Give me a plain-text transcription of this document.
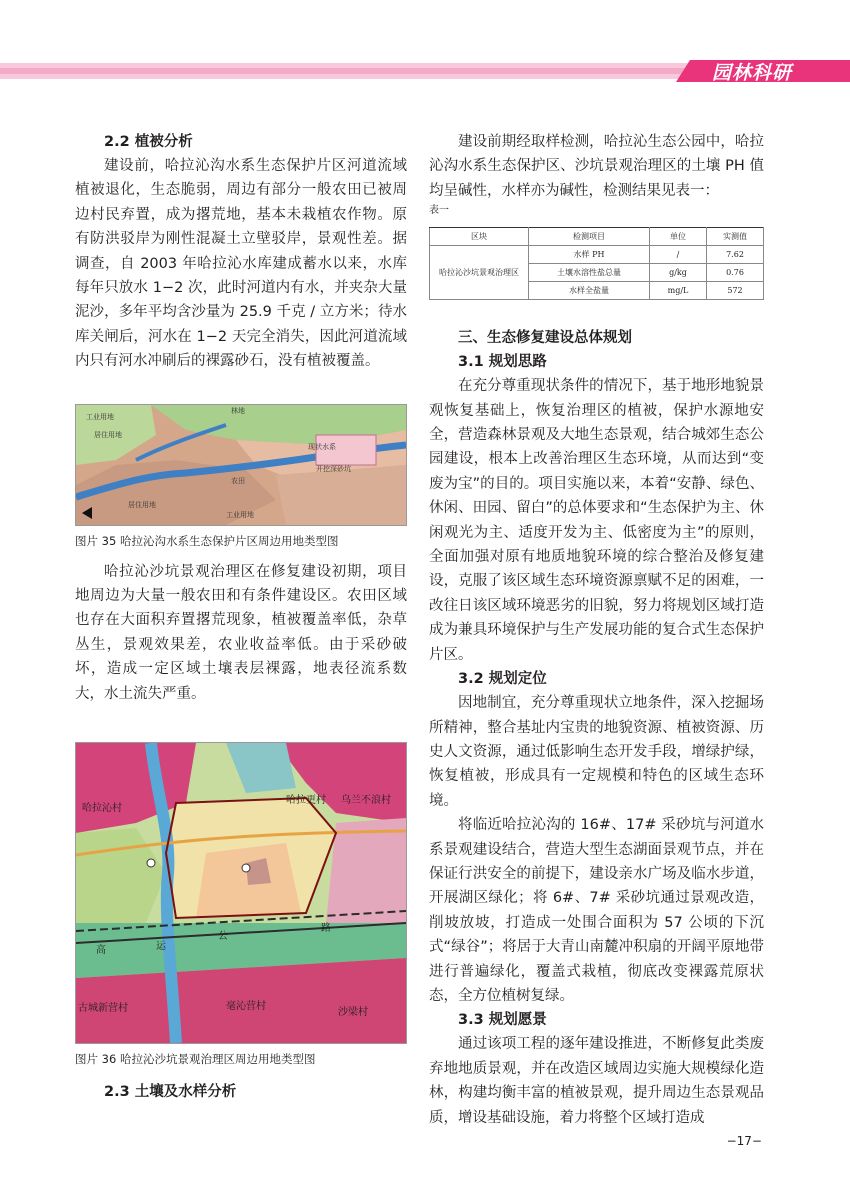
园林科研
2.2 植被分析

建设前，哈拉沁沟水系生态保护片区河道流域植被退化，生态脆弱，周边有部分一般农田已被周边村民弃置，成为撂荒地，基本未栽植农作物。原有防洪驳岸为刚性混凝土立壁驳岸，景观性差。据调查，自 2003 年哈拉沁水库建成蓄水以来，水库每年只放水 1−2 次，此时河道内有水，并夹杂大量泥沙，多年平均含沙量为 25.9 千克 / 立方米；待水库关闸后，河水在 1−2 天完全消失，因此河道流域内只有河水冲刷后的裸露砂石，没有植被覆盖。

工业用地
居住用地
林地
现状水系
开挖深砂坑
农田
居住用地
工业用地

图片 35 哈拉沁沟水系生态保护片区周边用地类型图

哈拉沁沙坑景观治理区在修复建设初期，项目地周边为大量一般农田和有条件建设区。农田区域也存在大面积弃置撂荒现象，植被覆盖率低，杂草丛生，景观效果差，农业收益率低。由于采砂破坏，造成一定区域土壤表层裸露，地表径流系数大，水土流失严重。

哈拉沁村
哈拉更村 乌兰不浪村
古城新营村	毫沁营村
沙梁村
运
公
路
高

图片 36 哈拉沁沙坑景观治理区周边用地类型图

2.3 土壤及水样分析

建设前期经取样检测，哈拉沁生态公园中，哈拉沁沟水系生态保护区、沙坑景观治理区的土壤 PH 值均呈碱性，水样亦为碱性，检测结果见表一：

表一

区块	检测项目	单位	实测值
哈拉沁沙坑景观治理区	水样 PH	/	7.62
	土壤水溶性盐总量	g/kg	0.76
	水样全盐量	mg/L	572
三、生态修复建设总体规划
3.1 规划思路

在充分尊重现状条件的情况下，基于地形地貌景观恢复基础上，恢复治理区的植被，保护水源地安全，营造森林景观及大地生态景观，结合城郊生态公园建设，根本上改善治理区生态环境，从而达到“变废为宝”的目的。项目实施以来，本着“安静、绿色、休闲、田园、留白”的总体要求和“生态保护为主、休闲观光为主、适度开发为主、低密度为主”的原则，全面加强对原有地质地貌环境的综合整治及修复建设，克服了该区域生态环境资源禀赋不足的困难，一改往日该区域环境恶劣的旧貌，努力将规划区域打造成为兼具环境保护与生产发展功能的复合式生态保护片区。

3.2 规划定位

因地制宜，充分尊重现状立地条件，深入挖掘场所精神，整合基址内宝贵的地貌资源、植被资源、历史人文资源，通过低影响生态开发手段，增绿护绿，恢复植被，形成具有一定规模和特色的区域生态环境。

将临近哈拉沁沟的 16#、17# 采砂坑与河道水系景观建设结合，营造大型生态湖面景观节点，并在保证行洪安全的前提下，建设亲水广场及临水步道，开展湖区绿化；将 6#、7# 采砂坑通过景观改造，削坡放坡，打造成一处围合面积为 57 公顷的下沉式“绿谷”；将居于大青山南麓冲积扇的开阔平原地带进行普遍绿化，覆盖式栽植，彻底改变裸露荒原状态，全方位植树复绿。

3.3 规划愿景

通过该项工程的逐年建设推进，不断修复此类废弃地地质景观，并在改造区域周边实施大规模绿化造林，构建均衡丰富的植被景观，提升周边生态景观品质，增设基础设施，着力将整个区域打造成

−17−
